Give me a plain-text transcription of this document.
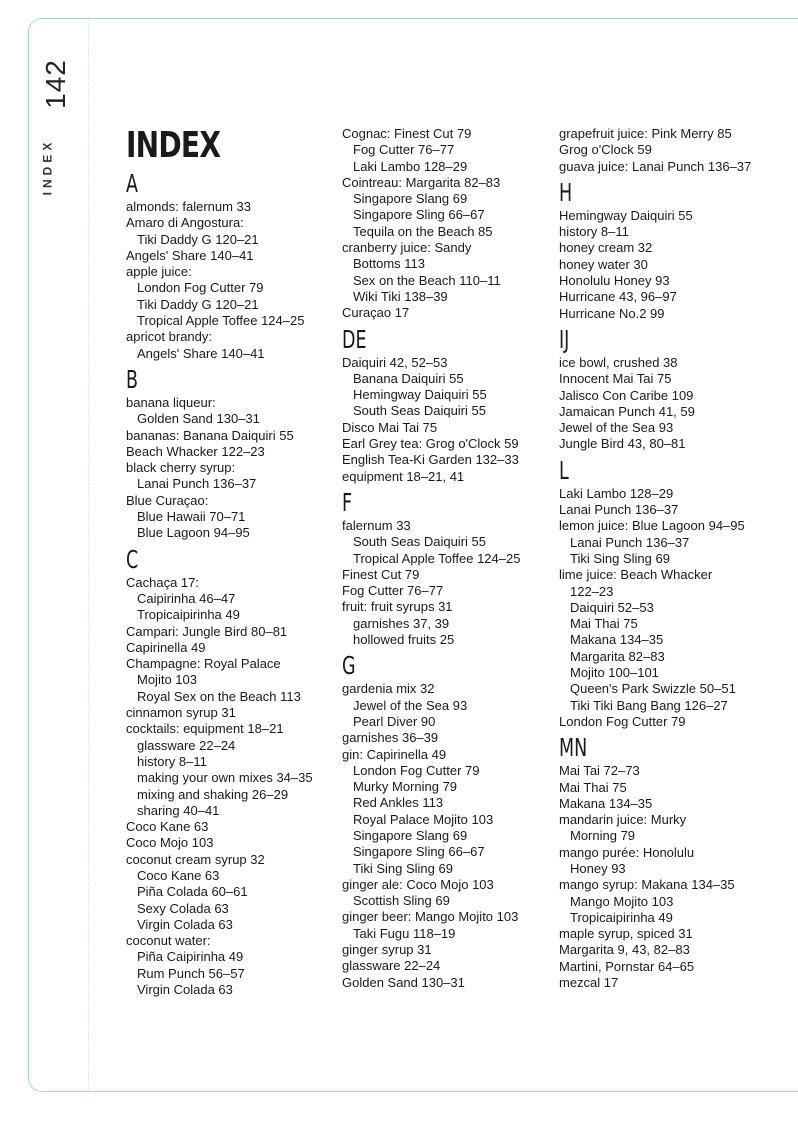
142
INDEX INDEX
A
almonds: falernum 33
Amaro di Angostura:
Tiki Daddy G 120–21
Angels' Share 140–41
apple juice:
London Fog Cutter 79
Tiki Daddy G 120–21
Tropical Apple Toffee 124–25
apricot brandy:
Angels' Share 140–41
B
banana liqueur:
Golden Sand 130–31
bananas: Banana Daiquiri 55
Beach Whacker 122–23
black cherry syrup:
Lanai Punch 136–37
Blue Curaçao:
Blue Hawaii 70–71
Blue Lagoon 94–95
C
Cachaça 17:
Caipirinha 46–47
Tropicaipirinha 49
Campari: Jungle Bird 80–81
Capirinella 49
Champagne: Royal Palace
Mojito 103
Royal Sex on the Beach 113
cinnamon syrup 31
cocktails: equipment 18–21
glassware 22–24
history 8–11
making your own mixes 34–35
mixing and shaking 26–29
sharing 40–41
Coco Kane 63
Coco Mojo 103
coconut cream syrup 32
Coco Kane 63
Piña Colada 60–61
Sexy Colada 63
Virgin Colada 63
coconut water:
Piña Caipirinha 49
Rum Punch 56–57
Virgin Colada 63
Cognac: Finest Cut 79
Fog Cutter 76–77
Laki Lambo 128–29
Cointreau: Margarita 82–83
Singapore Slang 69
Singapore Sling 66–67
Tequila on the Beach 85
cranberry juice: Sandy
Bottoms 113
Sex on the Beach 110–11
Wiki Tiki 138–39
Curaçao 17
DE
Daiquiri 42, 52–53
Banana Daiquiri 55
Hemingway Daiquiri 55
South Seas Daiquiri 55
Disco Mai Tai 75
Earl Grey tea: Grog o'Clock 59
English Tea-Ki Garden 132–33
equipment 18–21, 41
F
falernum 33
South Seas Daiquiri 55
Tropical Apple Toffee 124–25
Finest Cut 79
Fog Cutter 76–77
fruit: fruit syrups 31
garnishes 37, 39
hollowed fruits 25
G
gardenia mix 32
Jewel of the Sea 93
Pearl Diver 90
garnishes 36–39
gin: Capirinella 49
London Fog Cutter 79
Murky Morning 79
Red Ankles 113
Royal Palace Mojito 103
Singapore Slang 69
Singapore Sling 66–67
Tiki Sing Sling 69
ginger ale: Coco Mojo 103
Scottish Sling 69
ginger beer: Mango Mojito 103
Taki Fugu 118–19
ginger syrup 31
glassware 22–24
Golden Sand 130–31
grapefruit juice: Pink Merry 85
Grog o'Clock 59
guava juice: Lanai Punch 136–37
H
Hemingway Daiquiri 55
history 8–11
honey cream 32
honey water 30
Honolulu Honey 93
Hurricane 43, 96–97
Hurricane No.2 99
IJ
ice bowl, crushed 38
Innocent Mai Tai 75
Jalisco Con Caribe 109
Jamaican Punch 41, 59
Jewel of the Sea 93
Jungle Bird 43, 80–81
L
Laki Lambo 128–29
Lanai Punch 136–37
lemon juice: Blue Lagoon 94–95
Lanai Punch 136–37
Tiki Sing Sling 69
lime juice: Beach Whacker
122–23
Daiquiri 52–53
Mai Thai 75
Makana 134–35
Margarita 82–83
Mojito 100–101
Queen's Park Swizzle 50–51
Tiki Tiki Bang Bang 126–27
London Fog Cutter 79
MN
Mai Tai 72–73
Mai Thai 75
Makana 134–35
mandarin juice: Murky
Morning 79
mango purée: Honolulu
Honey 93
mango syrup: Makana 134–35
Mango Mojito 103
Tropicaipirinha 49
maple syrup, spiced 31
Margarita 9, 43, 82–83
Martini, Pornstar 64–65
mezcal 17
